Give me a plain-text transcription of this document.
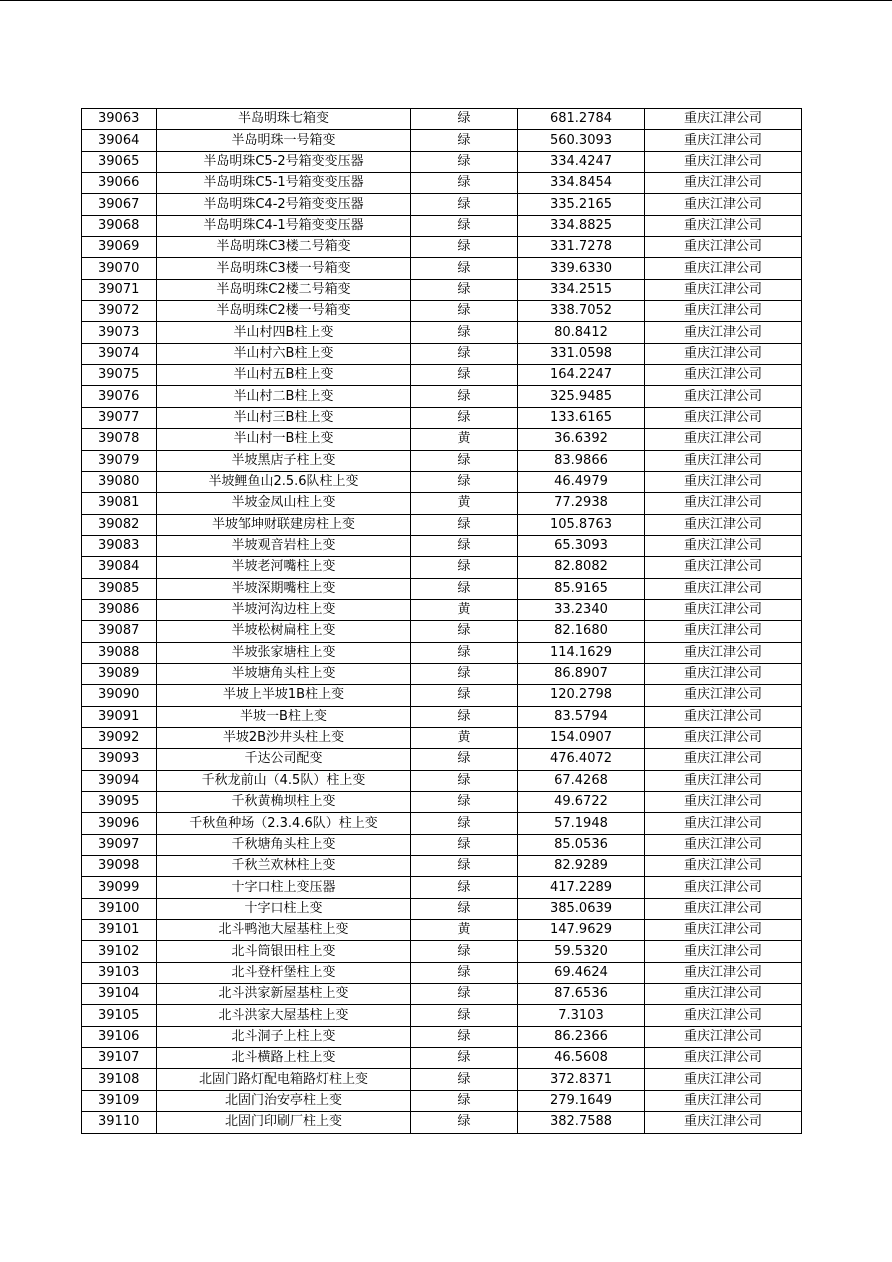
39063	半岛明珠七箱变	绿	681.2784	重庆江津公司
39064	半岛明珠一号箱变	绿	560.3093	重庆江津公司
39065	半岛明珠C5-2号箱变变压器	绿	334.4247	重庆江津公司
39066	半岛明珠C5-1号箱变变压器	绿	334.8454	重庆江津公司
39067	半岛明珠C4-2号箱变变压器	绿	335.2165	重庆江津公司
39068	半岛明珠C4-1号箱变变压器	绿	334.8825	重庆江津公司
39069	半岛明珠C3楼二号箱变	绿	331.7278	重庆江津公司
39070	半岛明珠C3楼一号箱变	绿	339.6330	重庆江津公司
39071	半岛明珠C2楼二号箱变	绿	334.2515	重庆江津公司
39072	半岛明珠C2楼一号箱变	绿	338.7052	重庆江津公司
39073	半山村四B柱上变	绿	80.8412	重庆江津公司
39074	半山村六B柱上变	绿	331.0598	重庆江津公司
39075	半山村五B柱上变	绿	164.2247	重庆江津公司
39076	半山村二B柱上变	绿	325.9485	重庆江津公司
39077	半山村三B柱上变	绿	133.6165	重庆江津公司
39078	半山村一B柱上变	黄	36.6392	重庆江津公司
39079	半坡黑店子柱上变	绿	83.9866	重庆江津公司
39080	半坡鲤鱼山2.5.6队柱上变	绿	46.4979	重庆江津公司
39081	半坡金凤山柱上变	黄	77.2938	重庆江津公司
39082	半坡邹坤财联建房柱上变	绿	105.8763	重庆江津公司
39083	半坡观音岩柱上变	绿	65.3093	重庆江津公司
39084	半坡老河嘴柱上变	绿	82.8082	重庆江津公司
39085	半坡深期嘴柱上变	绿	85.9165	重庆江津公司
39086	半坡河沟边柱上变	黄	33.2340	重庆江津公司
39087	半坡松树扁柱上变	绿	82.1680	重庆江津公司
39088	半坡张家塘柱上变	绿	114.1629	重庆江津公司
39089	半坡塘角头柱上变	绿	86.8907	重庆江津公司
39090	半坡上半坡1B柱上变	绿	120.2798	重庆江津公司
39091	半坡一B柱上变	绿	83.5794	重庆江津公司
39092	半坡2B沙井头柱上变	黄	154.0907	重庆江津公司
39093	千达公司配变	绿	476.4072	重庆江津公司
39094	千秋龙前山（4.5队）柱上变	绿	67.4268	重庆江津公司
39095	千秋黄桷坝柱上变	绿	49.6722	重庆江津公司
39096	千秋鱼种场（2.3.4.6队）柱上变	绿	57.1948	重庆江津公司
39097	千秋塘角头柱上变	绿	85.0536	重庆江津公司
39098	千秋兰欢林柱上变	绿	82.9289	重庆江津公司
39099	十字口柱上变压器	绿	417.2289	重庆江津公司
39100	十字口柱上变	绿	385.0639	重庆江津公司
39101	北斗鸭池大屋基柱上变	黄	147.9629	重庆江津公司
39102	北斗筒银田柱上变	绿	59.5320	重庆江津公司
39103	北斗登杆堡柱上变	绿	69.4624	重庆江津公司
39104	北斗洪家新屋基柱上变	绿	87.6536	重庆江津公司
39105	北斗洪家大屋基柱上变	绿	7.3103	重庆江津公司
39106	北斗洞子上柱上变	绿	86.2366	重庆江津公司
39107	北斗横路上柱上变	绿	46.5608	重庆江津公司
39108	北固门路灯配电箱路灯柱上变	绿	372.8371	重庆江津公司
39109	北固门治安亭柱上变	绿	279.1649	重庆江津公司
39110	北固门印刷厂柱上变	绿	382.7588	重庆江津公司
